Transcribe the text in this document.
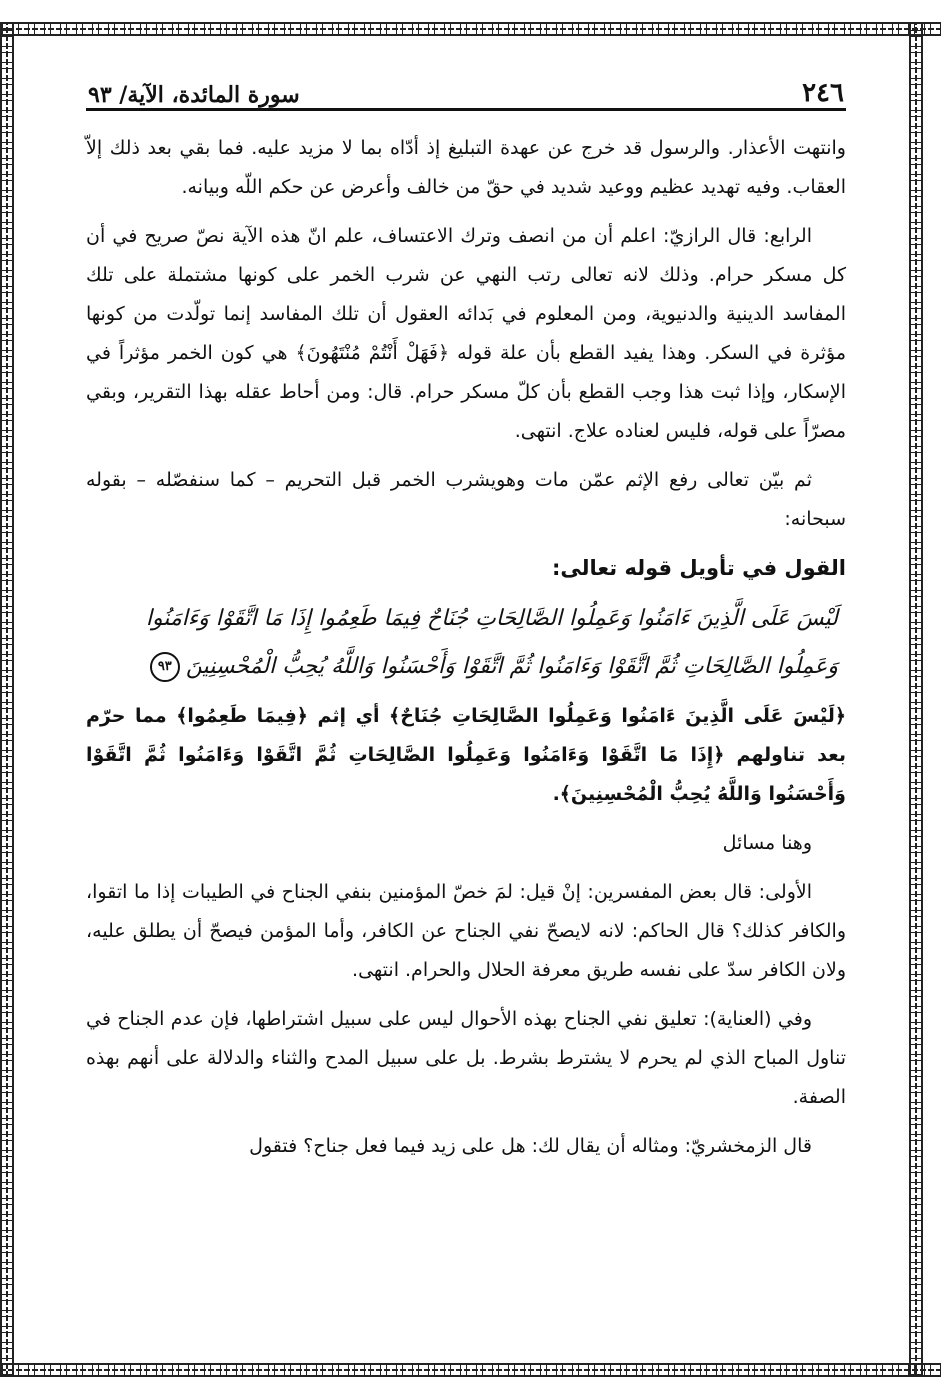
٢٤٦
سورة المائدة، الآية/ ٩٣

وانتهت الأعذار. والرسول قد خرج عن عهدة التبليغ إذ أدّاه بما لا مزيد عليه. فما بقي بعد ذلك إلاّ العقاب. وفيه تهديد عظيم ووعيد شديد في حقّ من خالف وأعرض عن حكم اللّه وبيانه.

الرابع: قال الرازيّ: اعلم أن من انصف وترك الاعتساف، علم انّ هذه الآية نصّ صريح في أن كل مسكر حرام. وذلك لانه تعالى رتب النهي عن شرب الخمر على كونها مشتملة على تلك المفاسد الدينية والدنيوية، ومن المعلوم في بَدائه العقول أن تلك المفاسد إنما تولّدت من كونها مؤثرة في السكر. وهذا يفيد القطع بأن علة قوله ﴿فَهَلْ أَنْتُمْ مُنْتَهُونَ﴾ هي كون الخمر مؤثراً في الإسكار، وإذا ثبت هذا وجب القطع بأن كلّ مسكر حرام. قال: ومن أحاط عقله بهذا التقرير، وبقي مصرّاً على قوله، فليس لعناده علاج. انتهى.

ثم بيّن تعالى رفع الإثم عمّن مات وهويشرب الخمر قبل التحريم – كما سنفصّله – بقوله سبحانه:

القول في تأويل قوله تعالى:
لَيْسَ عَلَى الَّذِينَ ءَامَنُوا وَعَمِلُوا الصَّالِحَاتِ جُنَاحٌ فِيمَا طَعِمُوا إِذَا مَا اتَّقَوْا وَءَامَنُوا
وَعَمِلُوا الصَّالِحَاتِ ثُمَّ اتَّقَوْا وَءَامَنُوا ثُمَّ اتَّقَوْا وَأَحْسَنُوا وَاللَّهُ يُحِبُّ الْمُحْسِنِينَ٩٣

﴿لَيْسَ عَلَى الَّذِينَ ءَامَنُوا وَعَمِلُوا الصَّالِحَاتِ جُنَاحٌ﴾ أي إثم ﴿فِيمَا طَعِمُوا﴾ مما حرّم بعد تناولهم ﴿إِذَا مَا اتَّقَوْا وَءَامَنُوا وَعَمِلُوا الصَّالِحَاتِ ثُمَّ اتَّقَوْا وَءَامَنُوا ثُمَّ اتَّقَوْا وَأَحْسَنُوا وَاللَّهُ يُحِبُّ الْمُحْسِنِينَ﴾.

وهنا مسائل

الأولى: قال بعض المفسرين: إنْ قيل: لمَ خصّ المؤمنين بنفي الجناح في الطيبات إذا ما اتقوا، والكافر كذلك؟ قال الحاكم: لانه لايصحّ نفي الجناح عن الكافر، وأما المؤمن فيصحّ أن يطلق عليه، ولان الكافر سدّ على نفسه طريق معرفة الحلال والحرام. انتهى.

وفي (العناية): تعليق نفي الجناح بهذه الأحوال ليس على سبيل اشتراطها، فإن عدم الجناح في تناول المباح الذي لم يحرم لا يشترط بشرط. بل على سبيل المدح والثناء والدلالة على أنهم بهذه الصفة.

قال الزمخشريّ: ومثاله أن يقال لك: هل على زيد فيما فعل جناح؟ فتقول
